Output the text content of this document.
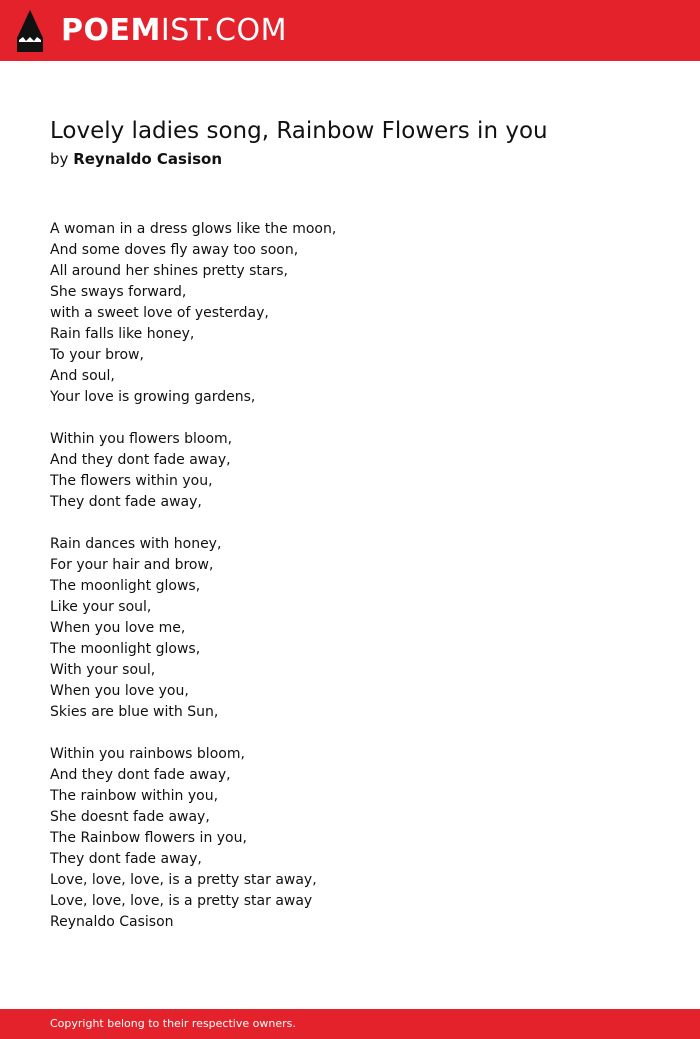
POEMIST.COM
Lovely ladies song, Rainbow Flowers in you
by Reynaldo Casison
A woman in a dress glows like the moon,
And some doves fly away too soon,
All around her shines pretty stars,
She sways forward,
with a sweet love of yesterday,
Rain falls like honey,
To your brow,
And soul,
Your love is growing gardens,
Within you flowers bloom,
And they dont fade away,
The flowers within you,
They dont fade away,
Rain dances with honey,
For your hair and brow,
The moonlight glows,
Like your soul,
When you love me,
The moonlight glows,
With your soul,
When you love you,
Skies are blue with Sun,
Within you rainbows bloom,
And they dont fade away,
The rainbow within you,
She doesnt fade away,
The Rainbow flowers in you,
They dont fade away,
Love, love, love, is a pretty star away,
Love, love, love, is a pretty star away
Reynaldo Casison
Copyright belong to their respective owners.
